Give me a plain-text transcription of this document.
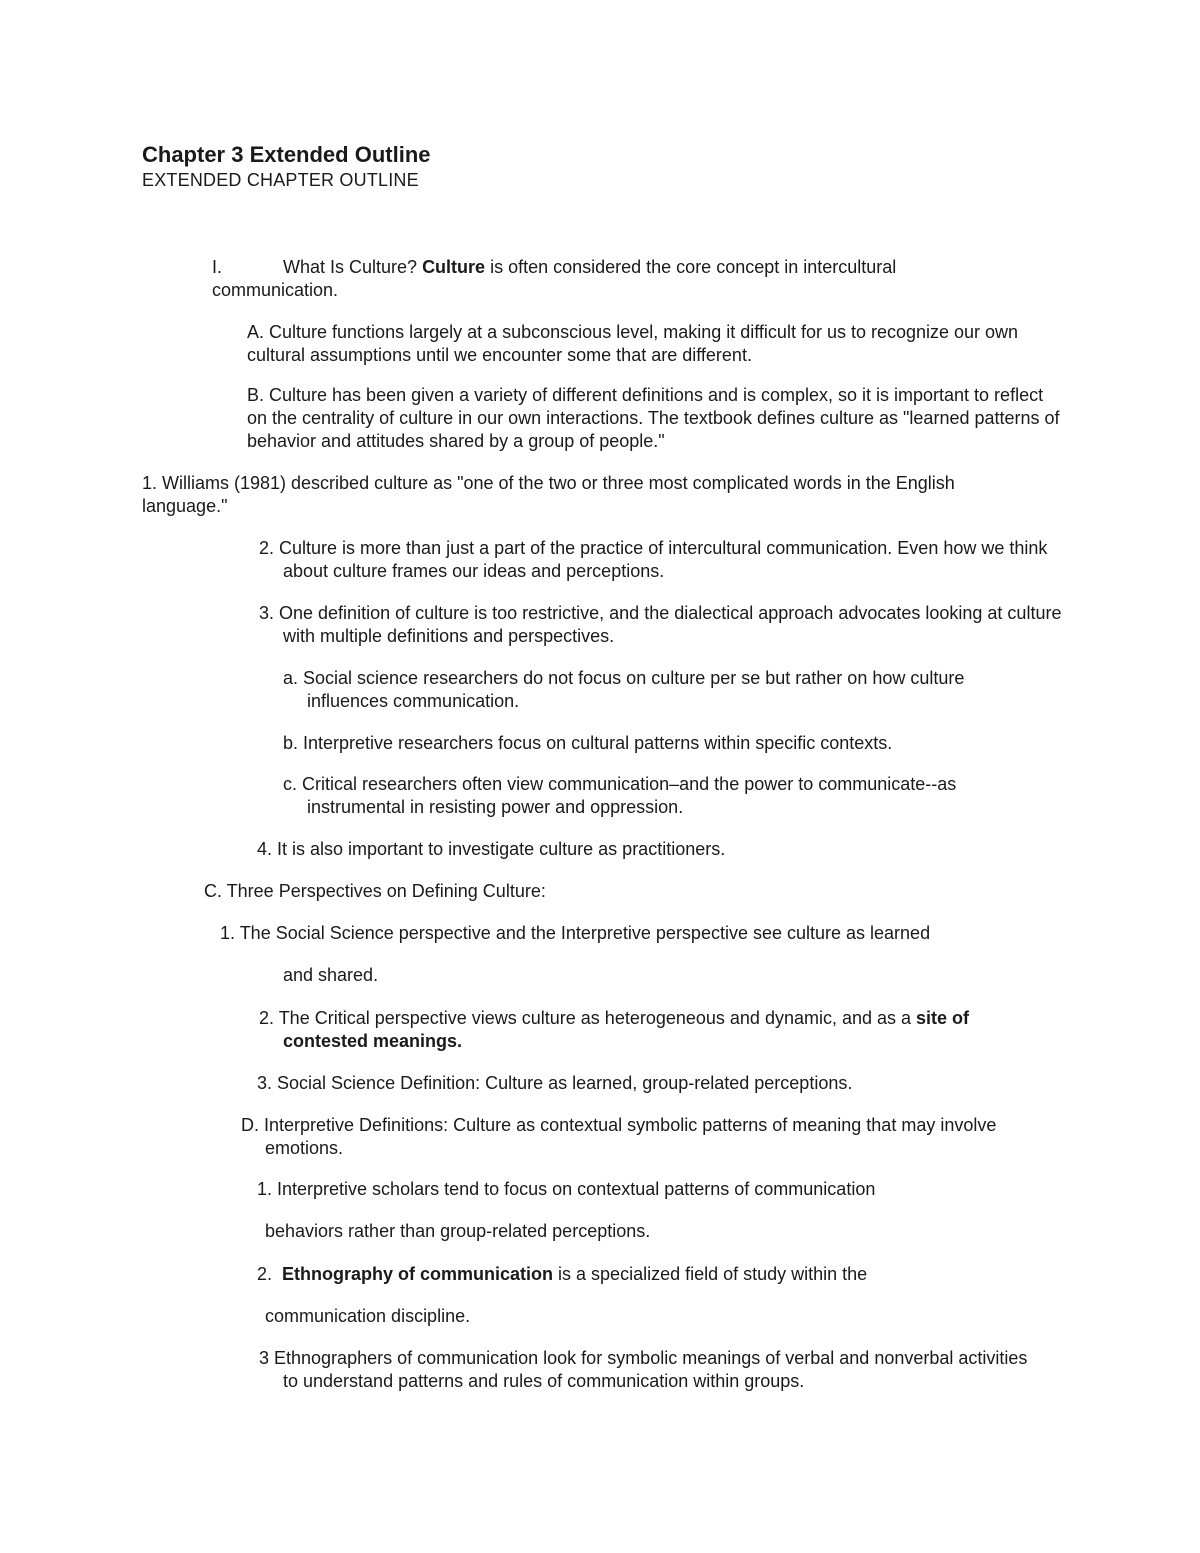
Chapter 3 Extended Outline
EXTENDED CHAPTER OUTLINE
I.	What Is Culture? Culture is often considered the core concept in intercultural

communication.

A. Culture functions largely at a subconscious level, making it difficult for us to recognize our own cultural assumptions until we encounter some that are different.

B. Culture has been given a variety of different definitions and is complex, so it is important to reflect on the centrality of culture in our own interactions. The textbook defines culture as "learned patterns of behavior and attitudes shared by a group of people."

1. Williams (1981) described culture as "one of the two or three most complicated words in the English language."

2. Culture is more than just a part of the practice of intercultural communication. Even how we think about culture frames our ideas and perceptions.

3. One definition of culture is too restrictive, and the dialectical approach advocates looking at culture with multiple definitions and perspectives.

a. Social science researchers do not focus on culture per se but rather on how culture influences communication.

b. Interpretive researchers focus on cultural patterns within specific contexts.

c. Critical researchers often view communication–and the power to communicate--as instrumental in resisting power and oppression.

4. It is also important to investigate culture as practitioners.

C. Three Perspectives on Defining Culture:

1. The Social Science perspective and the Interpretive perspective see culture as learned

and shared.

2. The Critical perspective views culture as heterogeneous and dynamic, and as a site of contested meanings.

3. Social Science Definition: Culture as learned, group-related perceptions.

D. Interpretive Definitions: Culture as contextual symbolic patterns of meaning that may involve emotions.

1. Interpretive scholars tend to focus on contextual patterns of communication

behaviors rather than group-related perceptions.

2.  Ethnography of communication is a specialized field of study within the

communication discipline.

3 Ethnographers of communication look for symbolic meanings of verbal and nonverbal activities to understand patterns and rules of communication within groups.
